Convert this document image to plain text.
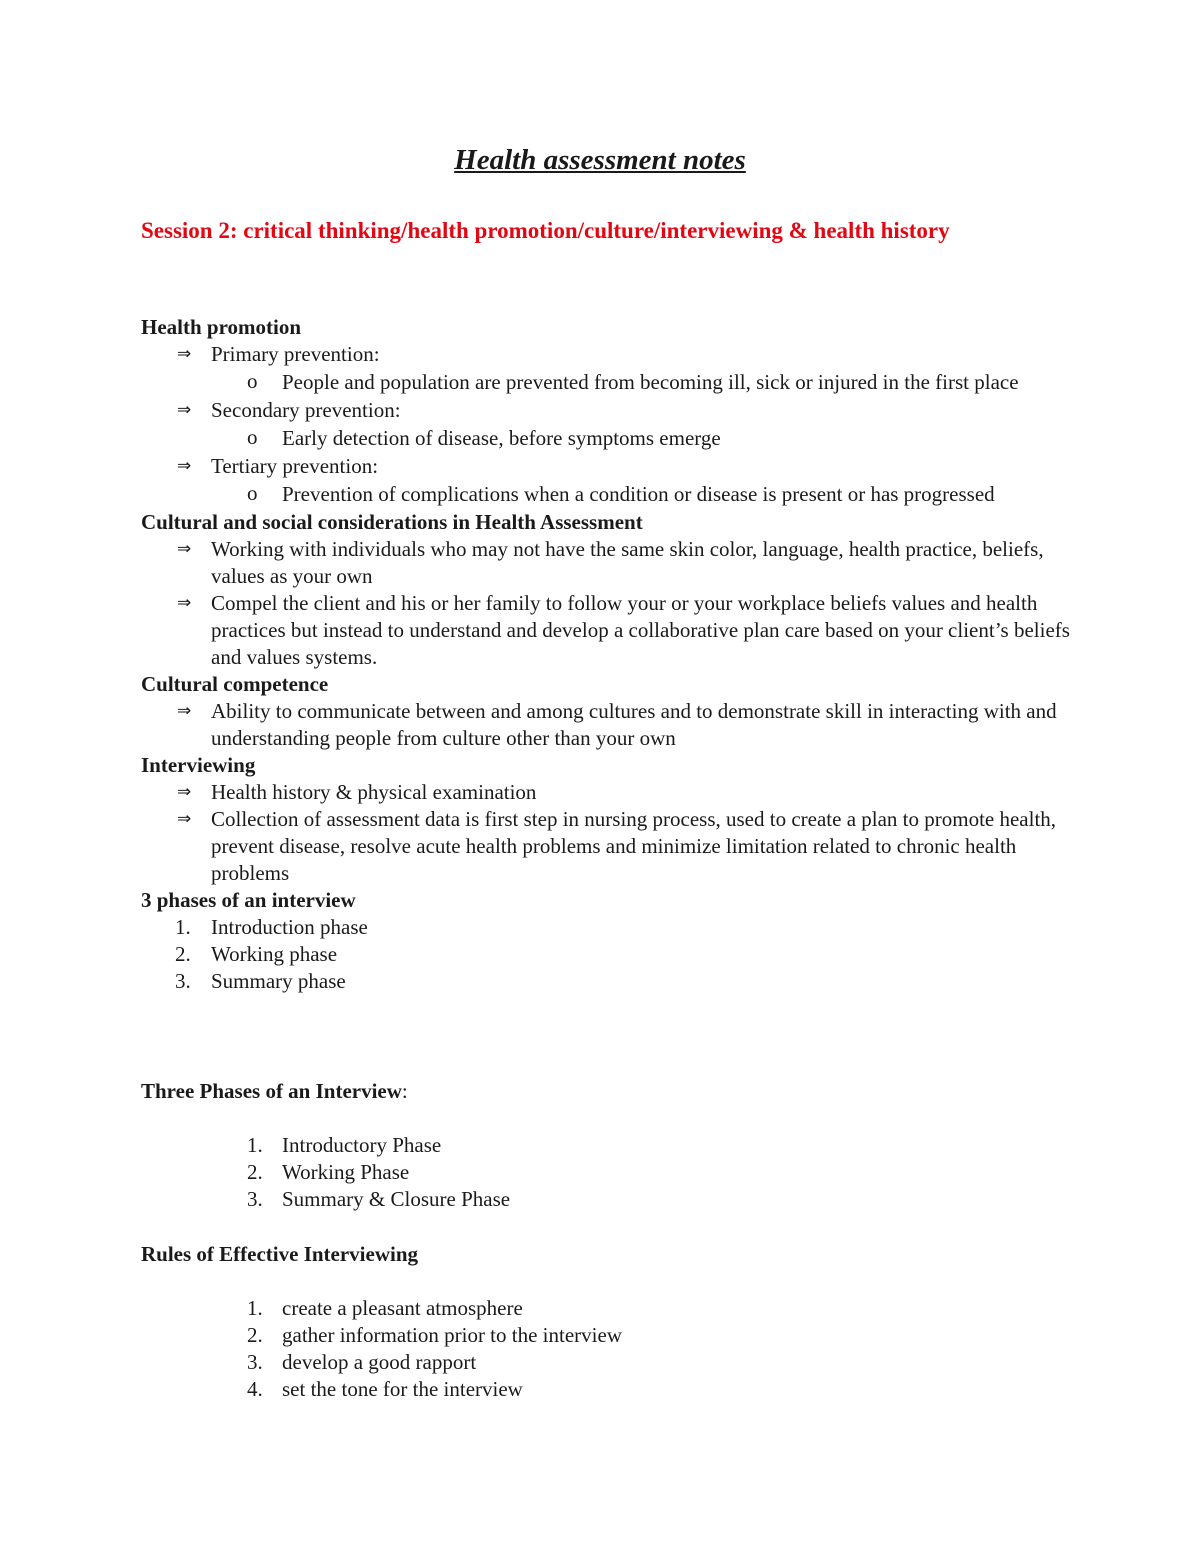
Health assessment notes

Session 2: critical thinking/health promotion/culture/interviewing & health history

Health promotion
⇒ Primary prevention:
o	People and population are prevented from becoming ill, sick or injured in the first place
⇒ Secondary prevention:
o	Early detection of disease, before symptoms emerge
⇒ Tertiary prevention:
o	Prevention of complications when a condition or disease is present or has progressed
Cultural and social considerations in Health Assessment
⇒ Working with individuals who may not have the same skin color, language, health practice, beliefs, values as your own
⇒ Compel the client and his or her family to follow your or your workplace beliefs values and health practices but instead to understand and develop a collaborative plan care based on your client’s beliefs and values systems.
Cultural competence
⇒ Ability to communicate between and among cultures and to demonstrate skill in interacting with and understanding people from culture other than your own
Interviewing
⇒ Health history & physical examination
⇒ Collection of assessment data is first step in nursing process, used to create a plan to promote health, prevent disease, resolve acute health problems and minimize limitation related to chronic health problems
3 phases of an interview
1. Introduction phase
2. Working phase
3. Summary phase
Three Phases of an Interview:
1. Introductory Phase
2. Working Phase
3. Summary & Closure Phase
Rules of Effective Interviewing
1. create a pleasant atmosphere
2. gather information prior to the interview
3. develop a good rapport
4. set the tone for the interview
